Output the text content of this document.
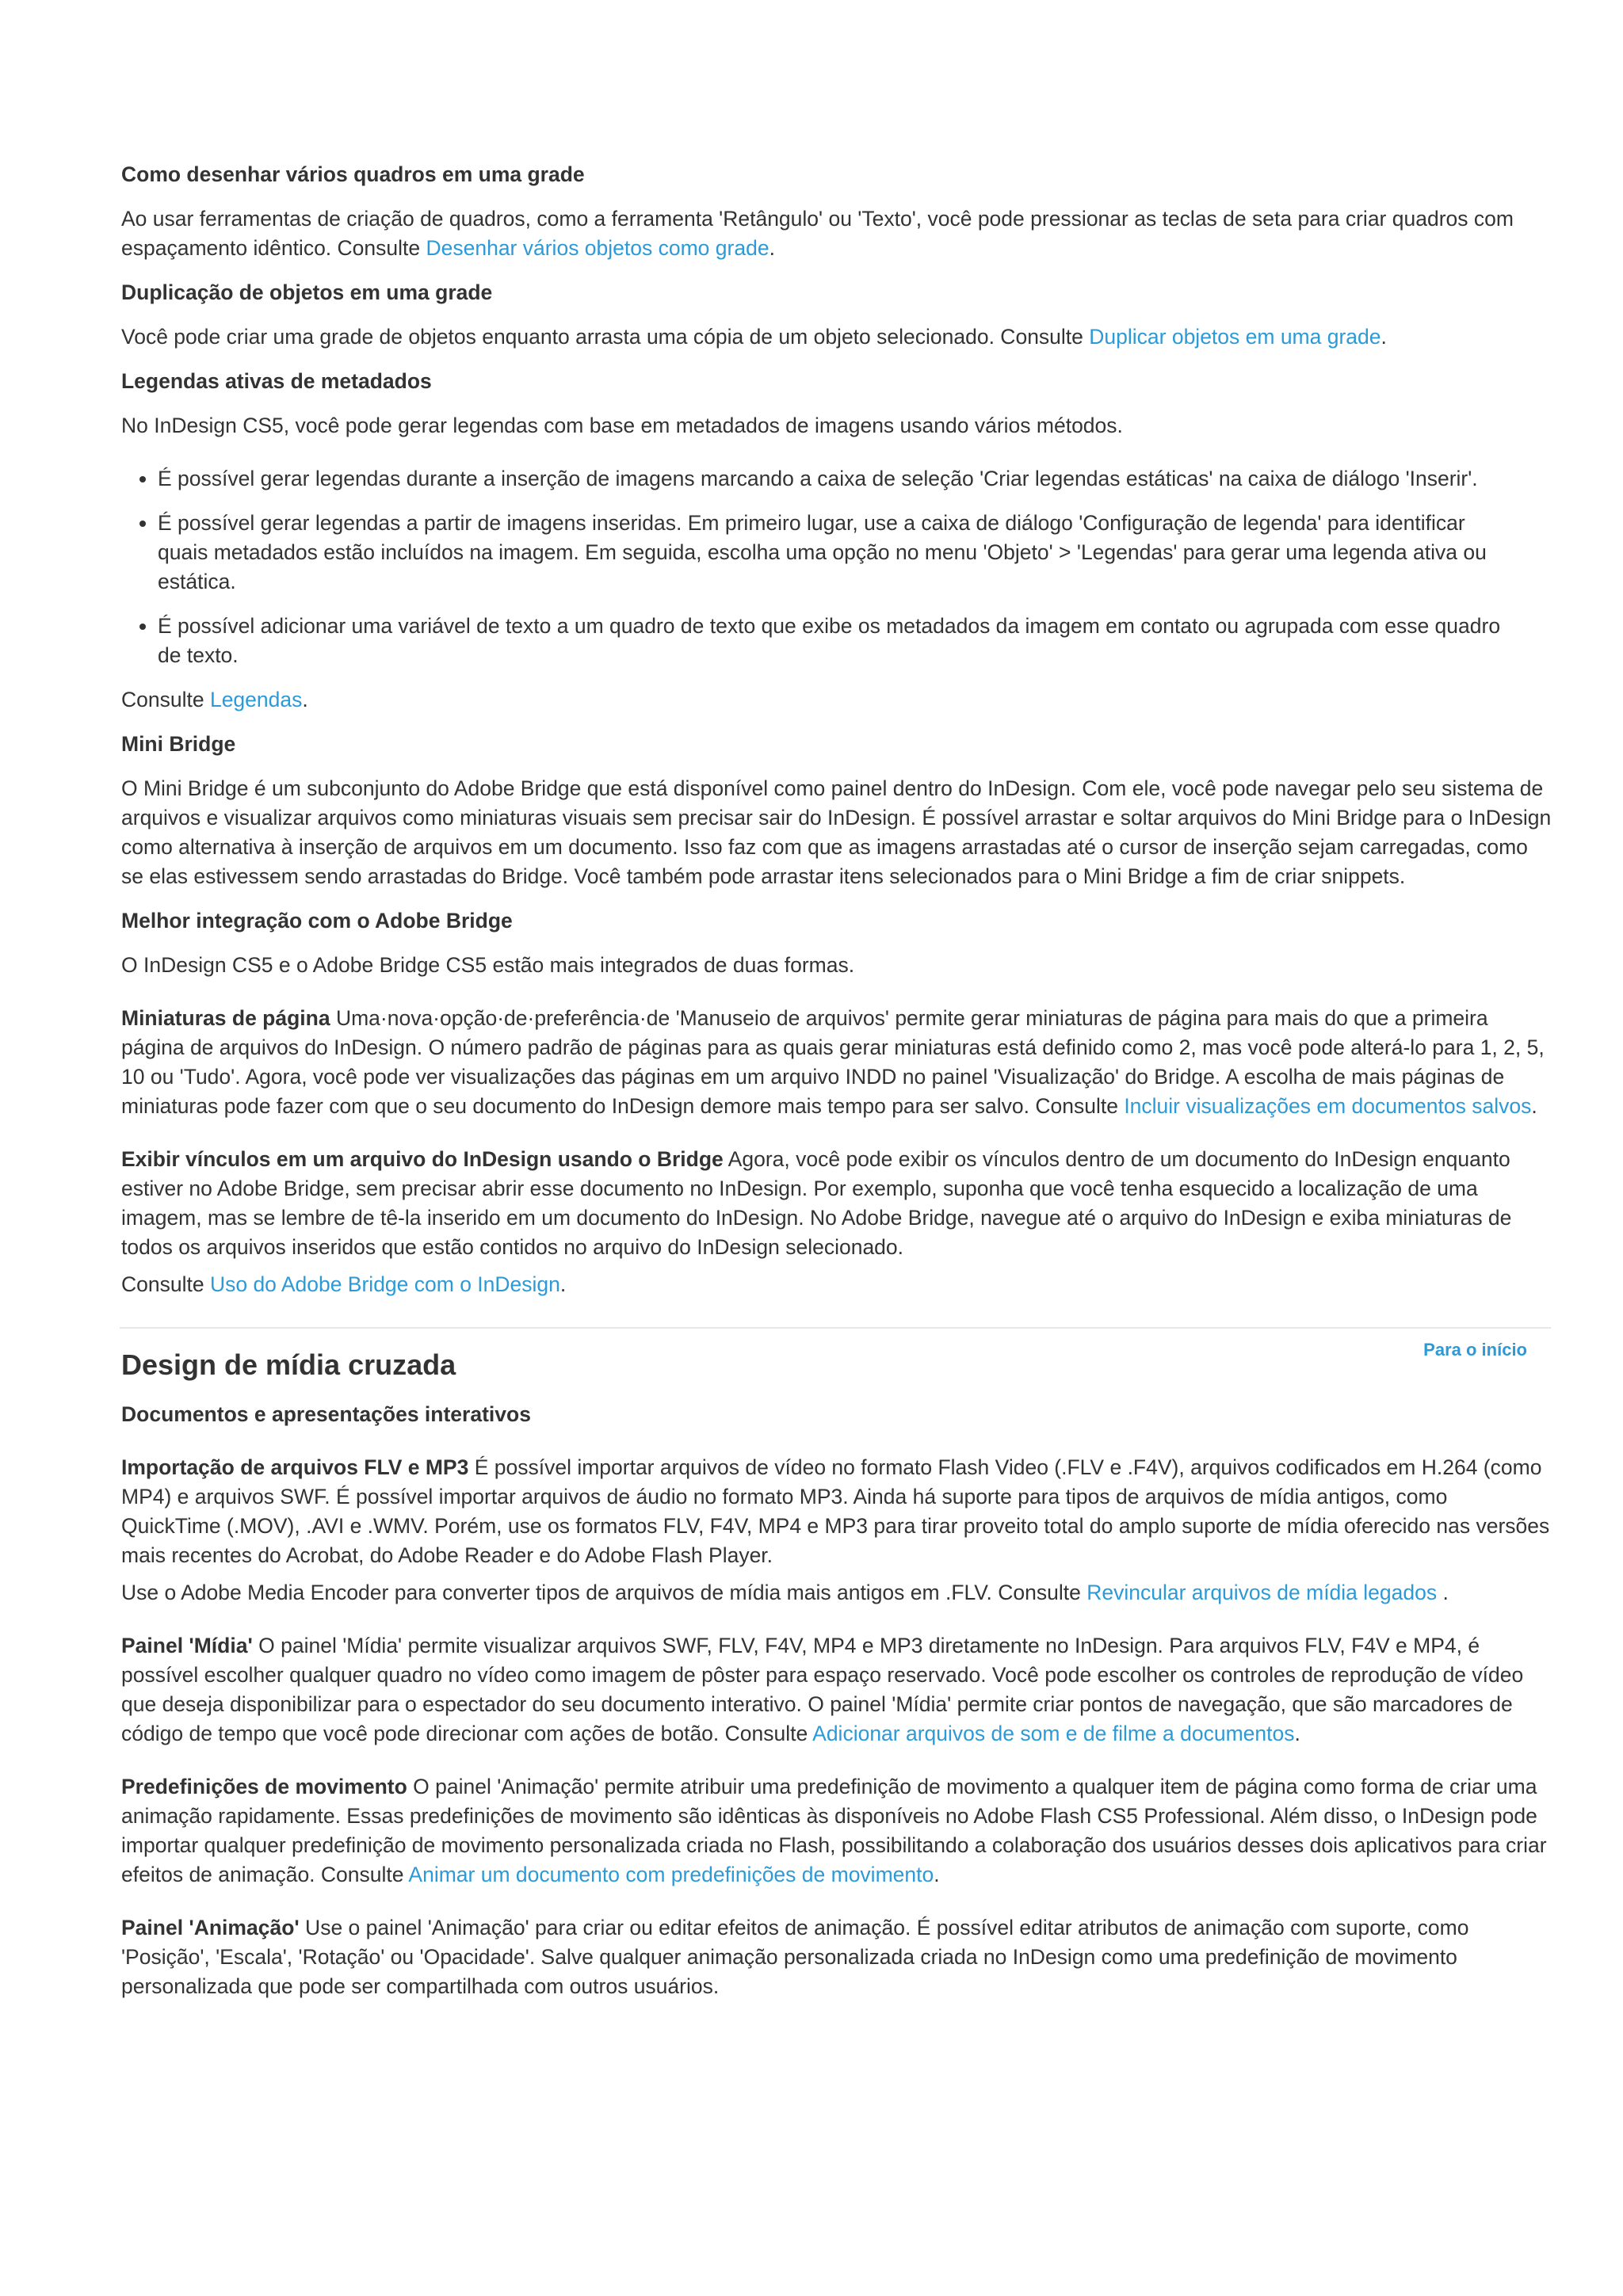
Como desenhar vários quadros em uma grade

Ao usar ferramentas de criação de quadros, como a ferramenta 'Retângulo' ou 'Texto', você pode pressionar as teclas de seta para criar quadros com espaçamento idêntico. Consulte Desenhar vários objetos como grade.

Duplicação de objetos em uma grade

Você pode criar uma grade de objetos enquanto arrasta uma cópia de um objeto selecionado. Consulte Duplicar objetos em uma grade.

Legendas ativas de metadados

No InDesign CS5, você pode gerar legendas com base em metadados de imagens usando vários métodos.

• É possível gerar legendas durante a inserção de imagens marcando a caixa de seleção 'Criar legendas estáticas' na caixa de diálogo 'Inserir'.
• É possível gerar legendas a partir de imagens inseridas. Em primeiro lugar, use a caixa de diálogo 'Configuração de legenda' para identificar quais metadados estão incluídos na imagem. Em seguida, escolha uma opção no menu 'Objeto' > 'Legendas' para gerar uma legenda ativa ou estática.
• É possível adicionar uma variável de texto a um quadro de texto que exibe os metadados da imagem em contato ou agrupada com esse quadro de texto.

Consulte Legendas.

Mini Bridge

O Mini Bridge é um subconjunto do Adobe Bridge que está disponível como painel dentro do InDesign. Com ele, você pode navegar pelo seu sistema de arquivos e visualizar arquivos como miniaturas visuais sem precisar sair do InDesign. É possível arrastar e soltar arquivos do Mini Bridge para o InDesign como alternativa à inserção de arquivos em um documento. Isso faz com que as imagens arrastadas até o cursor de inserção sejam carregadas, como se elas estivessem sendo arrastadas do Bridge. Você também pode arrastar itens selecionados para o Mini Bridge a fim de criar snippets.

Melhor integração com o Adobe Bridge

O InDesign CS5 e o Adobe Bridge CS5 estão mais integrados de duas formas.

Miniaturas de página Uma·nova·opção·de·preferência·de 'Manuseio de arquivos' permite gerar miniaturas de página para mais do que a primeira página de arquivos do InDesign. O número padrão de páginas para as quais gerar miniaturas está definido como 2, mas você pode alterá-lo para 1, 2, 5, 10 ou 'Tudo'. Agora, você pode ver visualizações das páginas em um arquivo INDD no painel 'Visualização' do Bridge. A escolha de mais páginas de miniaturas pode fazer com que o seu documento do InDesign demore mais tempo para ser salvo. Consulte Incluir visualizações em documentos salvos.

Exibir vínculos em um arquivo do InDesign usando o Bridge Agora, você pode exibir os vínculos dentro de um documento do InDesign enquanto estiver no Adobe Bridge, sem precisar abrir esse documento no InDesign. Por exemplo, suponha que você tenha esquecido a localização de uma imagem, mas se lembre de tê-la inserido em um documento do InDesign. No Adobe Bridge, navegue até o arquivo do InDesign e exiba miniaturas de todos os arquivos inseridos que estão contidos no arquivo do InDesign selecionado.

Consulte Uso do Adobe Bridge com o InDesign.

Para o início
Design de mídia cruzada
Documentos e apresentações interativos

Importação de arquivos FLV e MP3 É possível importar arquivos de vídeo no formato Flash Video (.FLV e .F4V), arquivos codificados em H.264 (como MP4) e arquivos SWF. É possível importar arquivos de áudio no formato MP3. Ainda há suporte para tipos de arquivos de mídia antigos, como QuickTime (.MOV), .AVI e .WMV. Porém, use os formatos FLV, F4V, MP4 e MP3 para tirar proveito total do amplo suporte de mídia oferecido nas versões mais recentes do Acrobat, do Adobe Reader e do Adobe Flash Player.

Use o Adobe Media Encoder para converter tipos de arquivos de mídia mais antigos em .FLV. Consulte Revincular arquivos de mídia legados .

Painel 'Mídia' O painel 'Mídia' permite visualizar arquivos SWF, FLV, F4V, MP4 e MP3 diretamente no InDesign. Para arquivos FLV, F4V e MP4, é possível escolher qualquer quadro no vídeo como imagem de pôster para espaço reservado. Você pode escolher os controles de reprodução de vídeo que deseja disponibilizar para o espectador do seu documento interativo. O painel 'Mídia' permite criar pontos de navegação, que são marcadores de código de tempo que você pode direcionar com ações de botão. Consulte Adicionar arquivos de som e de filme a documentos.

Predefinições de movimento O painel 'Animação' permite atribuir uma predefinição de movimento a qualquer item de página como forma de criar uma animação rapidamente. Essas predefinições de movimento são idênticas às disponíveis no Adobe Flash CS5 Professional. Além disso, o InDesign pode importar qualquer predefinição de movimento personalizada criada no Flash, possibilitando a colaboração dos usuários desses dois aplicativos para criar efeitos de animação. Consulte Animar um documento com predefinições de movimento.

Painel 'Animação' Use o painel 'Animação' para criar ou editar efeitos de animação. É possível editar atributos de animação com suporte, como 'Posição', 'Escala', 'Rotação' ou 'Opacidade'. Salve qualquer animação personalizada criada no InDesign como uma predefinição de movimento personalizada que pode ser compartilhada com outros usuários.
